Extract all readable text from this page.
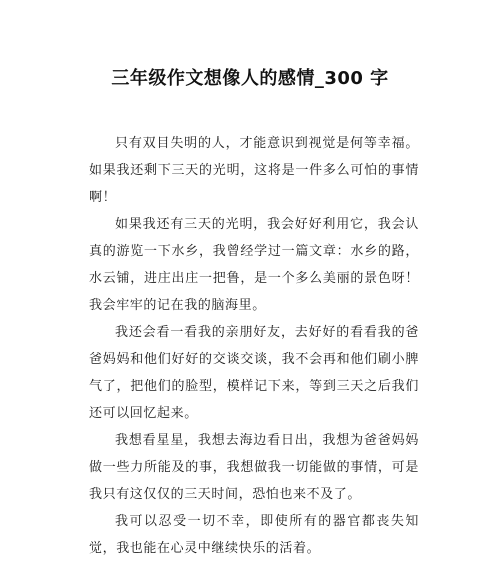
三年级作文想像人的感情_300 字

只有双目失明的人，才能意识到视觉是何等幸福。如果我还剩下三天的光明，这将是一件多么可怕的事情啊！

如果我还有三天的光明，我会好好利用它，我会认真的游览一下水乡，我曾经学过一篇文章：水乡的路，水云铺，进庄出庄一把鲁，是一个多么美丽的景色呀！我会牢牢的记在我的脑海里。

我还会看一看我的亲朋好友，去好好的看看我的爸爸妈妈和他们好好的交谈交谈，我不会再和他们刷小脾气了，把他们的脸型，模样记下来，等到三天之后我们还可以回忆起来。

我想看星星，我想去海边看日出，我想为爸爸妈妈做一些力所能及的事，我想做我一切能做的事情，可是我只有这仅仅的三天时间，恐怕也来不及了。

我可以忍受一切不幸，即使所有的器官都丧失知觉，我也能在心灵中继续快乐的活着。
